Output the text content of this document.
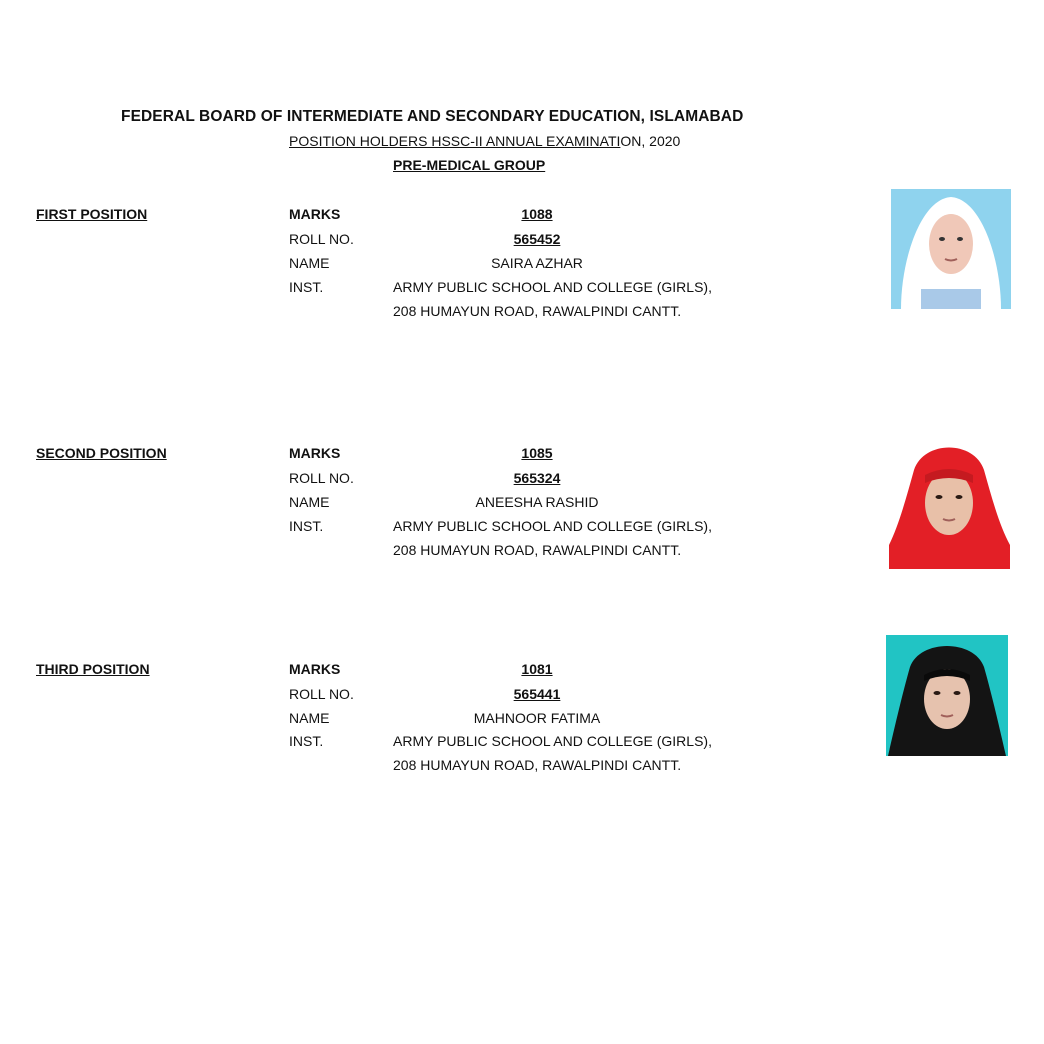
FEDERAL BOARD OF INTERMEDIATE AND SECONDARY EDUCATION, ISLAMABAD
POSITION HOLDERS HSSC-II ANNUAL EXAMINATION, 2020
PRE-MEDICAL GROUP
FIRST POSITION	MARKS	1088
ROLL NO.	565452
NAME	SAIRA AZHAR
INST.	ARMY PUBLIC SCHOOL AND COLLEGE (GIRLS),
208 HUMAYUN ROAD, RAWALPINDI CANTT.
SECOND POSITION	MARKS	1085
ROLL NO.	565324
NAME	ANEESHA RASHID
INST.	ARMY PUBLIC SCHOOL AND COLLEGE (GIRLS),
208 HUMAYUN ROAD, RAWALPINDI CANTT.
THIRD POSITION	MARKS	1081
ROLL NO.	565441
NAME	MAHNOOR FATIMA
INST.	ARMY PUBLIC SCHOOL AND COLLEGE (GIRLS),
208 HUMAYUN ROAD, RAWALPINDI CANTT.
